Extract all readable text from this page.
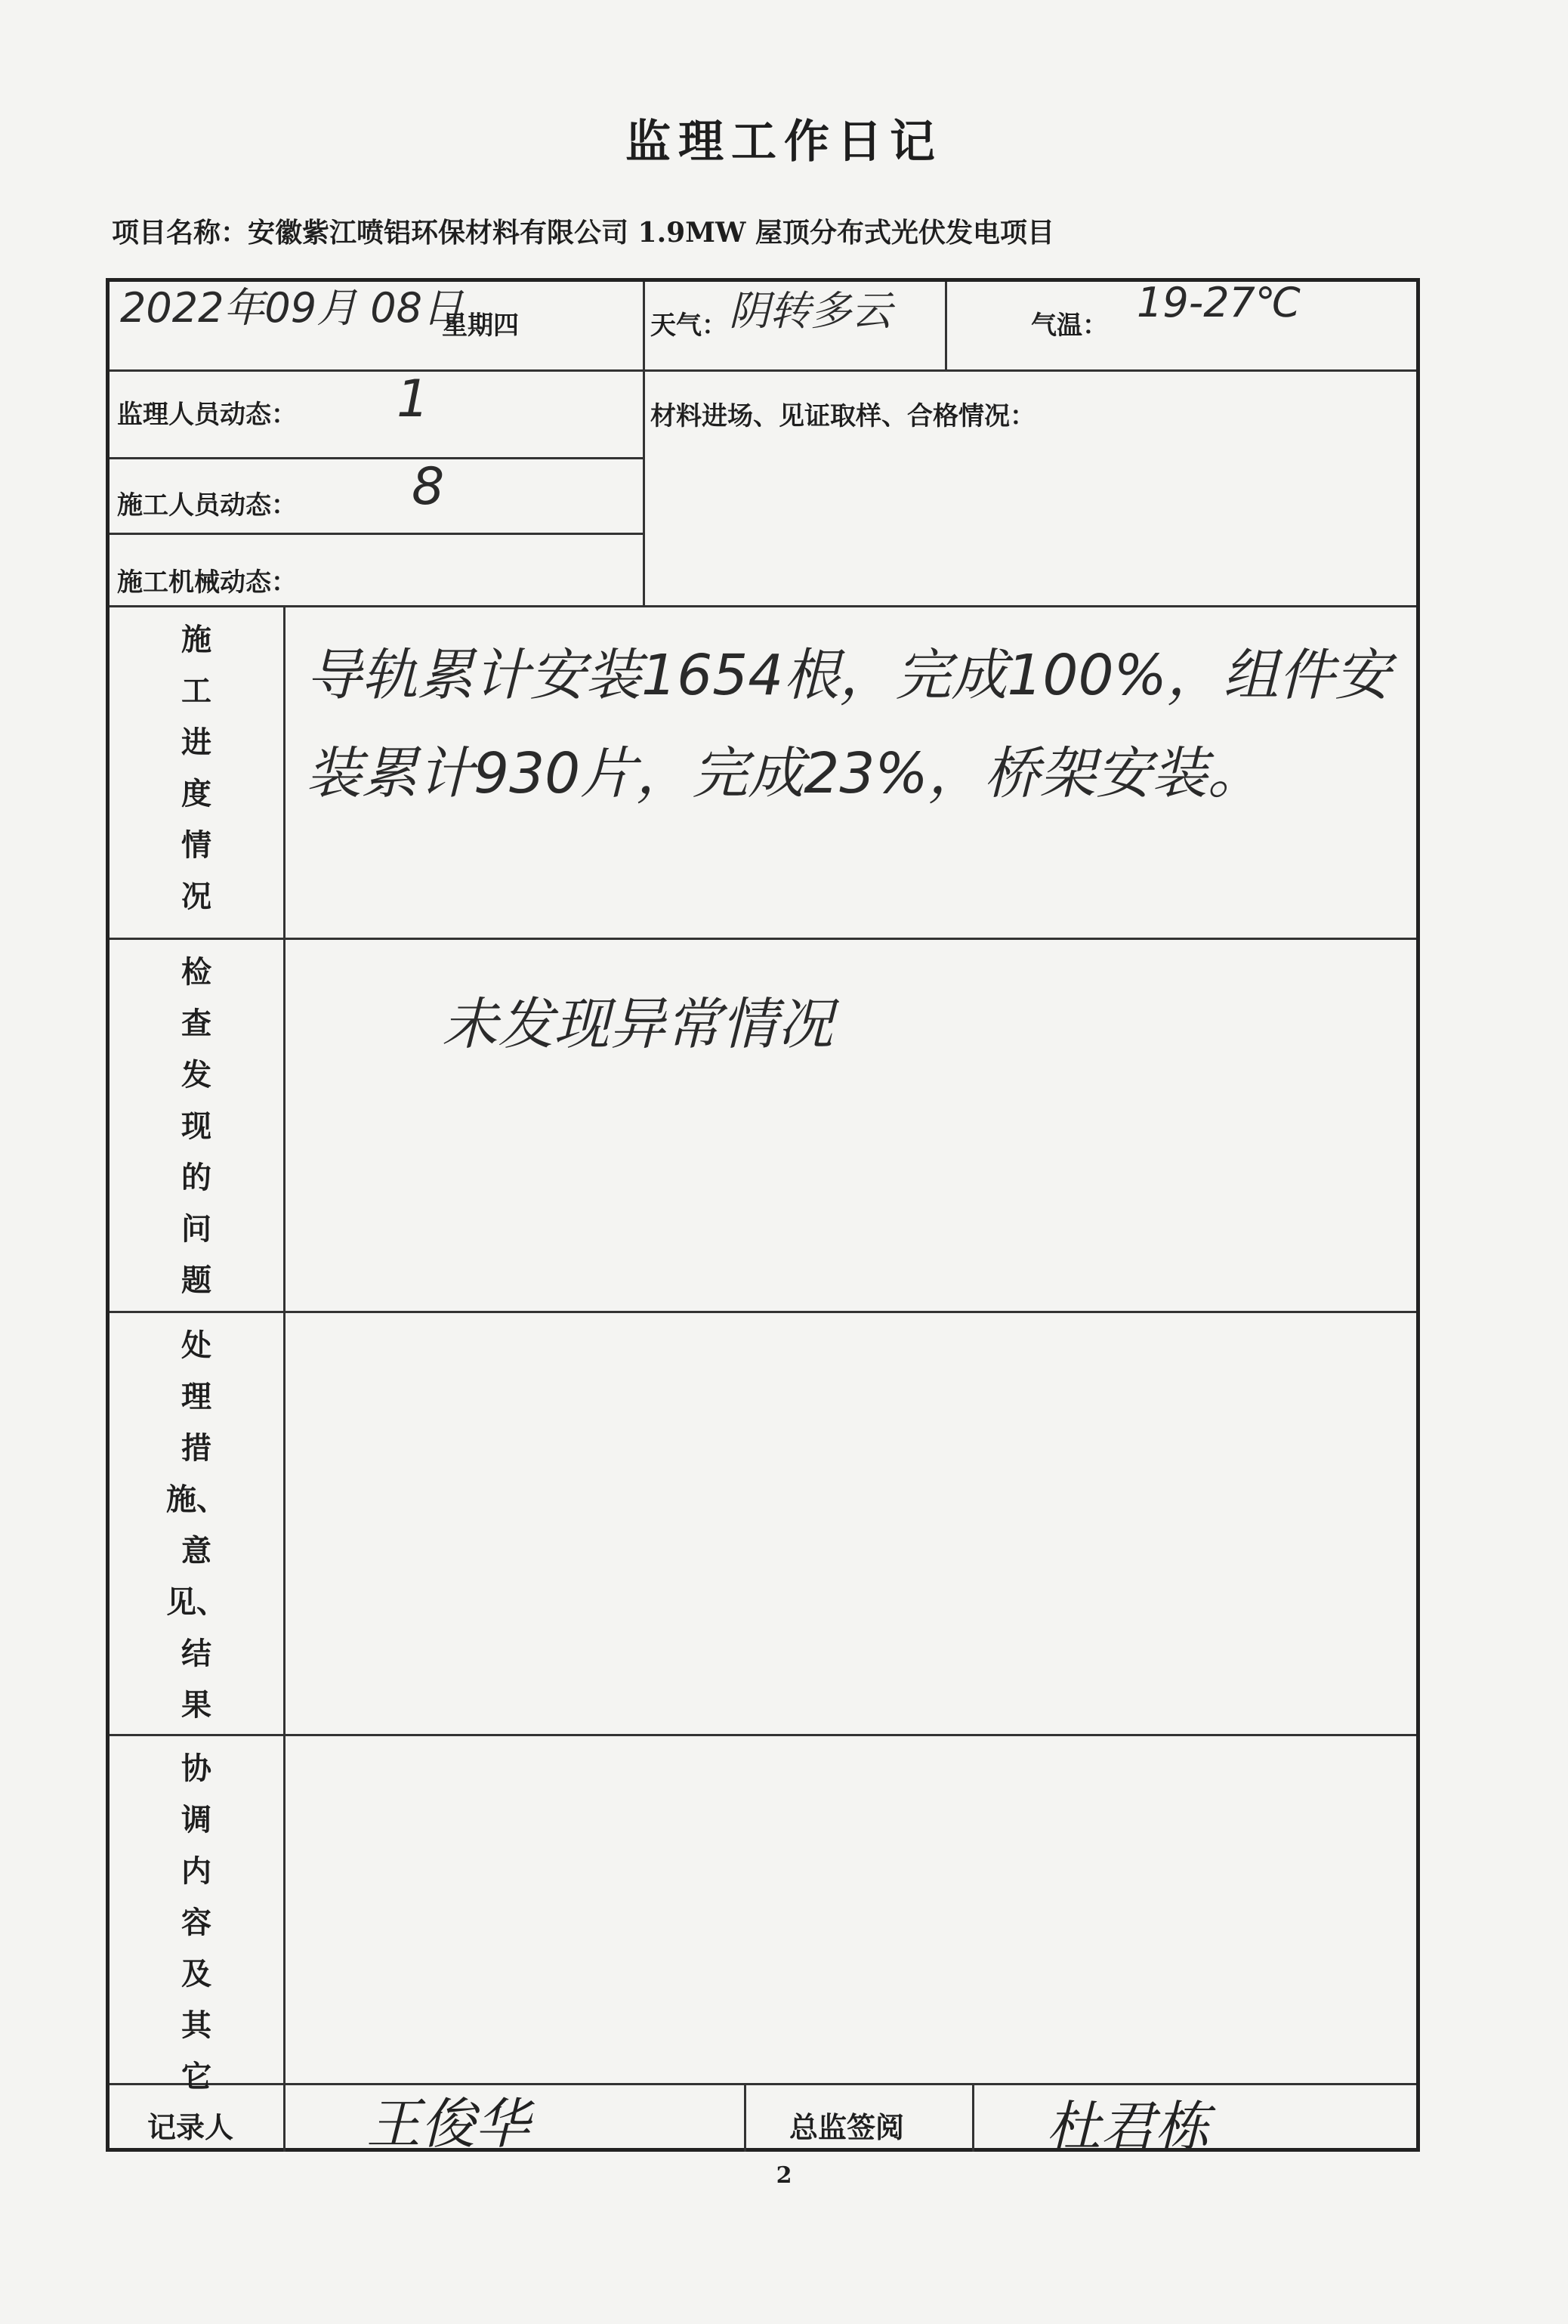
监理工作日记
项目名称：安徽紫江喷铝环保材料有限公司 1.9MW 屋顶分布式光伏发电项目
2022年09月 08日
星期四	天气： 阴转多云	气温： 19-27℃
监理人员动态： 1
施工人员动态： 8
施工机械动态：
材料进场、见证取样、合格情况：
施
工
进
度
情
况
导轨累计安装1654根，完成100%，组件安装累计930片，完成23%，桥架安装。
检
查
发
现
的
问
题
未发现异常情况
处
理
措
施、
意
见、
结
果
协
调
内
容
及
其
它
记录人 王俊华	总监签阅	杜君栋
2
